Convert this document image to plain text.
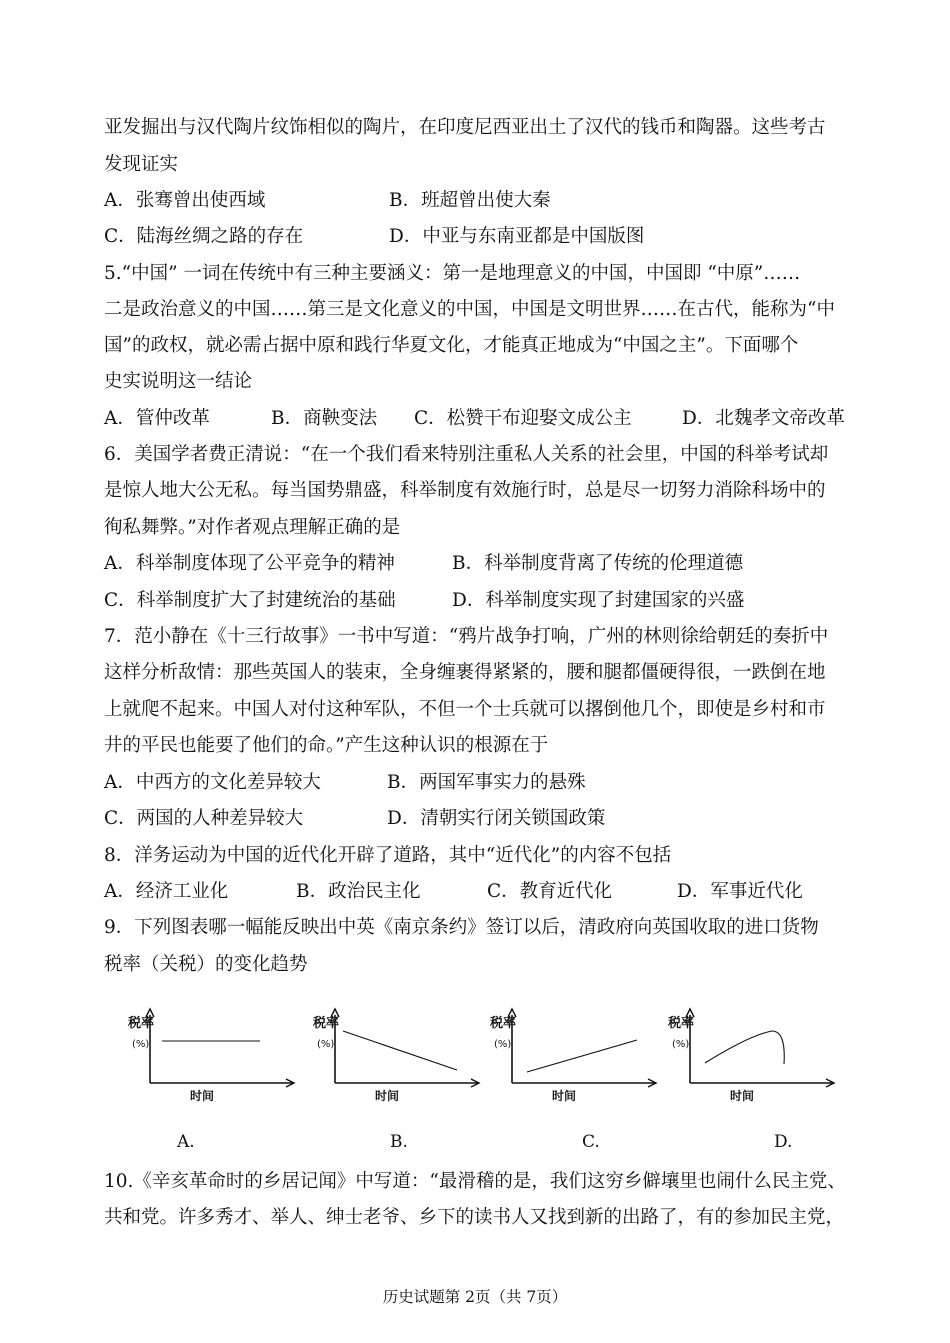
亚发掘出与汉代陶片纹饰相似的陶片，在印度尼西亚出土了汉代的钱币和陶器。这些考古
发现证实
A．张骞曾出使西域	B．班超曾出使大秦
C．陆海丝绸之路的存在	D．中亚与东南亚都是中国版图
5.“中国” 一词在传统中有三种主要涵义：第一是地理意义的中国，中国即 “中原”……
二是政治意义的中国……第三是文化意义的中国，中国是文明世界……在古代，能称为“中
国”的政权，就必需占据中原和践行华夏文化，才能真正地成为“中国之主”。下面哪个
史实说明这一结论
A．管仲改革	B．商鞅变法 C．松赞干布迎娶文成公主	D．北魏孝文帝改革
6．美国学者费正清说：“在一个我们看来特别注重私人关系的社会里，中国的科举考试却
是惊人地大公无私。每当国势鼎盛，科举制度有效施行时，总是尽一切努力消除科场中的
徇私舞弊。”对作者观点理解正确的是
A．科举制度体现了公平竞争的精神	B．科举制度背离了传统的伦理道德
C．科举制度扩大了封建统治的基础	D．科举制度实现了封建国家的兴盛
7．范小静在《十三行故事》一书中写道：“鸦片战争打响，广州的林则徐给朝廷的奏折中
这样分析敌情：那些英国人的装束，全身缠裹得紧紧的，腰和腿都僵硬得很，一跌倒在地
上就爬不起来。中国人对付这种军队，不但一个士兵就可以撂倒他几个，即使是乡村和市
井的平民也能要了他们的命。”产生这种认识的根源在于
A．中西方的文化差异较大	B．两国军事实力的悬殊
C．两国的人种差异较大	D．清朝实行闭关锁国政策
8．洋务运动为中国的近代化开辟了道路，其中“近代化”的内容不包括
A．经济工业化	B．政治民主化	C．教育近代化	D．军事近代化
9．下列图表哪一幅能反映出中英《南京条约》签订以后，清政府向英国收取的进口货物
税率（关税）的变化趋势
税率
(%)
时间
税率
(%)
时间
税率
(%)
时间
税率
(%)
时间
A.	B.	C.	D.
10.《辛亥革命时的乡居记闻》中写道：“最滑稽的是，我们这穷乡僻壤里也闹什么民主党、
共和党。许多秀才、举人、绅士老爷、乡下的读书人又找到新的出路了，有的参加民主党，
历史试题第 2页（共 7页）
